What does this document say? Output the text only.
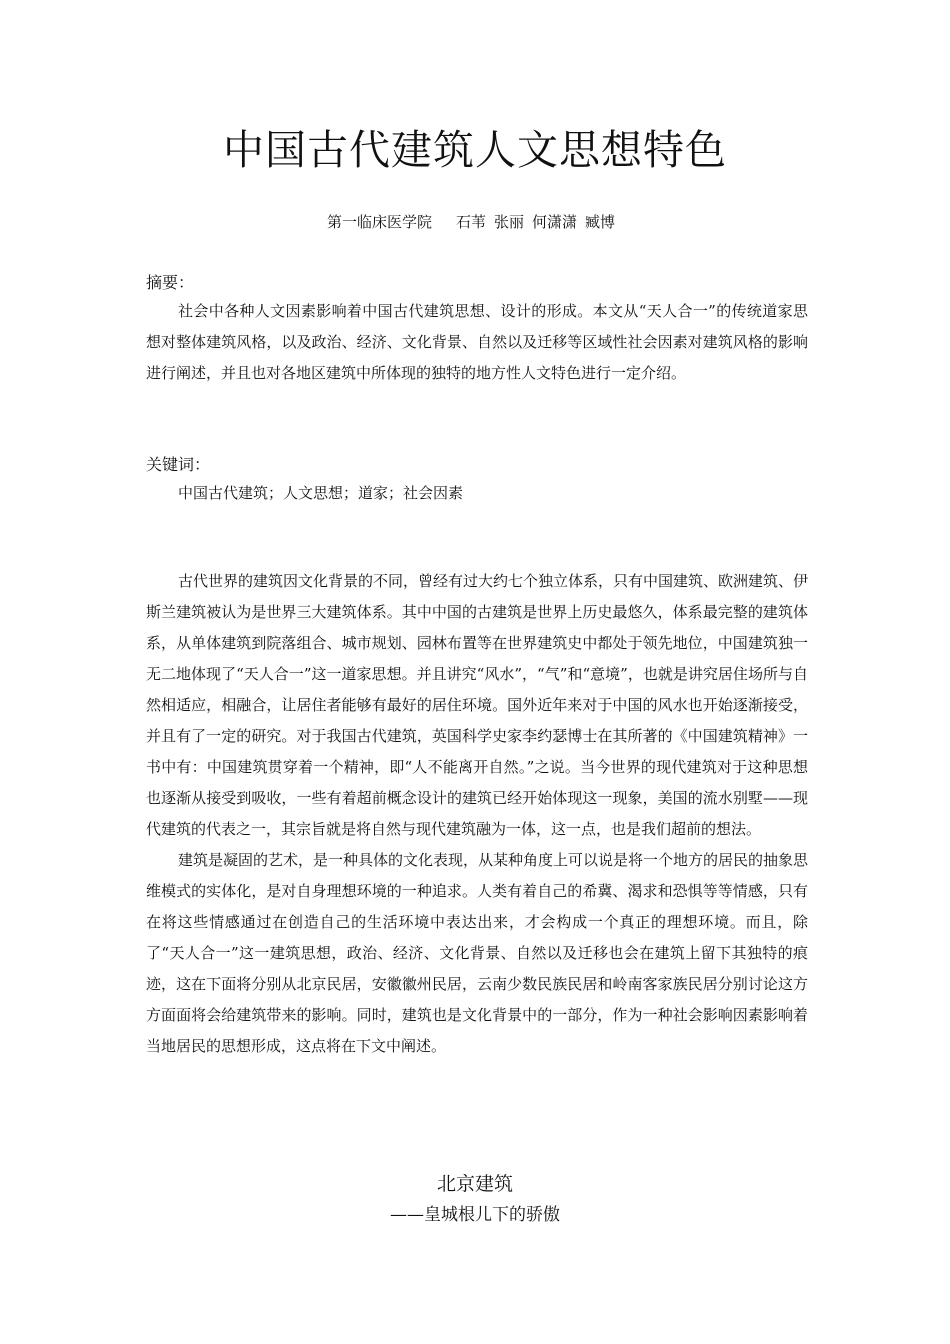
中国古代建筑人文思想特色
第一临床医学院 石苇 张丽 何潇潇 臧博
摘要：

社会中各种人文因素影响着中国古代建筑思想、设计的形成。本文从“天人合一”的传统道家思想对整体建筑风格，以及政治、经济、文化背景、自然以及迁移等区域性社会因素对建筑风格的影响进行阐述，并且也对各地区建筑中所体现的独特的地方性人文特色进行一定介绍。

关键词：

中国古代建筑；人文思想；道家；社会因素

古代世界的建筑因文化背景的不同，曾经有过大约七个独立体系，只有中国建筑、欧洲建筑、伊斯兰建筑被认为是世界三大建筑体系。其中中国的古建筑是世界上历史最悠久，体系最完整的建筑体系，从单体建筑到院落组合、城市规划、园林布置等在世界建筑史中都处于领先地位，中国建筑独一无二地体现了“天人合一”这一道家思想。并且讲究“风水”，“气”和“意境”，也就是讲究居住场所与自然相适应，相融合，让居住者能够有最好的居住环境。国外近年来对于中国的风水也开始逐渐接受，并且有了一定的研究。对于我国古代建筑，英国科学史家李约瑟博士在其所著的《中国建筑精神》一书中有：中国建筑贯穿着一个精神，即“人不能离开自然。”之说。当今世界的现代建筑对于这种思想也逐渐从接受到吸收，一些有着超前概念设计的建筑已经开始体现这一现象，美国的流水别墅——现代建筑的代表之一，其宗旨就是将自然与现代建筑融为一体，这一点，也是我们超前的想法。

建筑是凝固的艺术，是一种具体的文化表现，从某种角度上可以说是将一个地方的居民的抽象思维模式的实体化，是对自身理想环境的一种追求。人类有着自己的希冀、渴求和恐惧等等情感，只有在将这些情感通过在创造自己的生活环境中表达出来，才会构成一个真正的理想环境。而且，除了“天人合一”这一建筑思想，政治、经济、文化背景、自然以及迁移也会在建筑上留下其独特的痕迹，这在下面将分别从北京民居，安徽徽州民居，云南少数民族民居和岭南客家族民居分别讨论这方方面面将会给建筑带来的影响。同时，建筑也是文化背景中的一部分，作为一种社会影响因素影响着当地居民的思想形成，这点将在下文中阐述。

北京建筑
——皇城根儿下的骄傲
